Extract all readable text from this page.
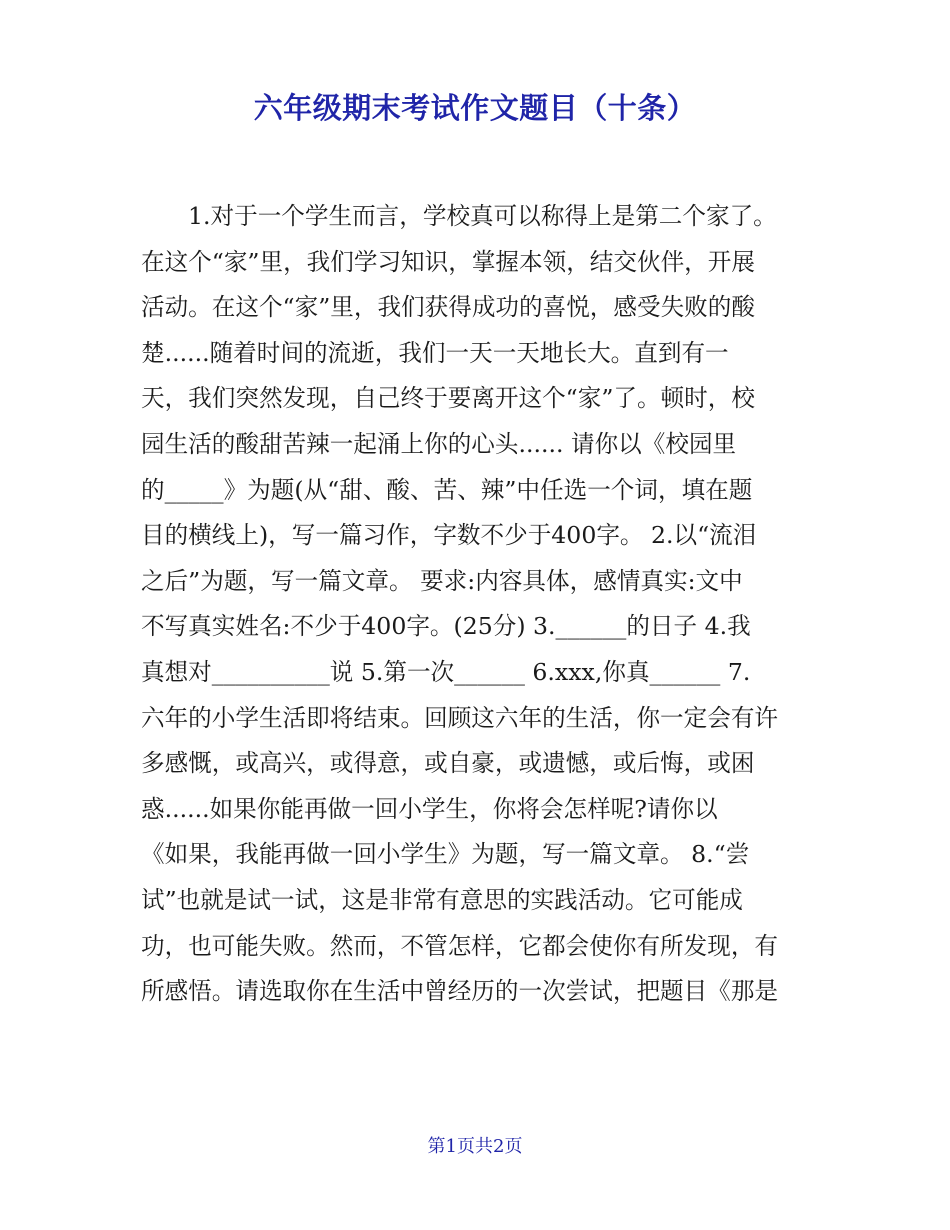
六年级期末考试作文题目（十条）
1.对于一个学生而言，学校真可以称得上是第二个家了。
在这个“家”里，我们学习知识，掌握本领，结交伙伴，开展
活动。在这个“家”里，我们获得成功的喜悦，感受失败的酸
楚......随着时间的流逝，我们一天一天地长大。直到有一
天，我们突然发现，自己终于要离开这个“家”了。顿时，校
园生活的酸甜苦辣一起涌上你的心头...... 请你以《校园里
的_____》为题(从“甜、酸、苦、辣”中任选一个词，填在题
目的横线上)，写一篇习作，字数不少于400字。 2.以“流泪
之后”为题，写一篇文章。 要求:内容具体，感情真实:文中
不写真实姓名:不少于400字。(25分) 3.______的日子 4.我
真想对__________说 5.第一次______ 6.xxx,你真______ 7.
六年的小学生活即将结束。回顾这六年的生活，你一定会有许
多感慨，或高兴，或得意，或自豪，或遗憾，或后悔，或困
惑......如果你能再做一回小学生，你将会怎样呢?请你以
《如果，我能再做一回小学生》为题，写一篇文章。 8.“尝
试”也就是试一试，这是非常有意思的实践活动。它可能成
功，也可能失败。然而，不管怎样，它都会使你有所发现，有
所感悟。请选取你在生活中曾经历的一次尝试，把题目《那是
第1页共2页
